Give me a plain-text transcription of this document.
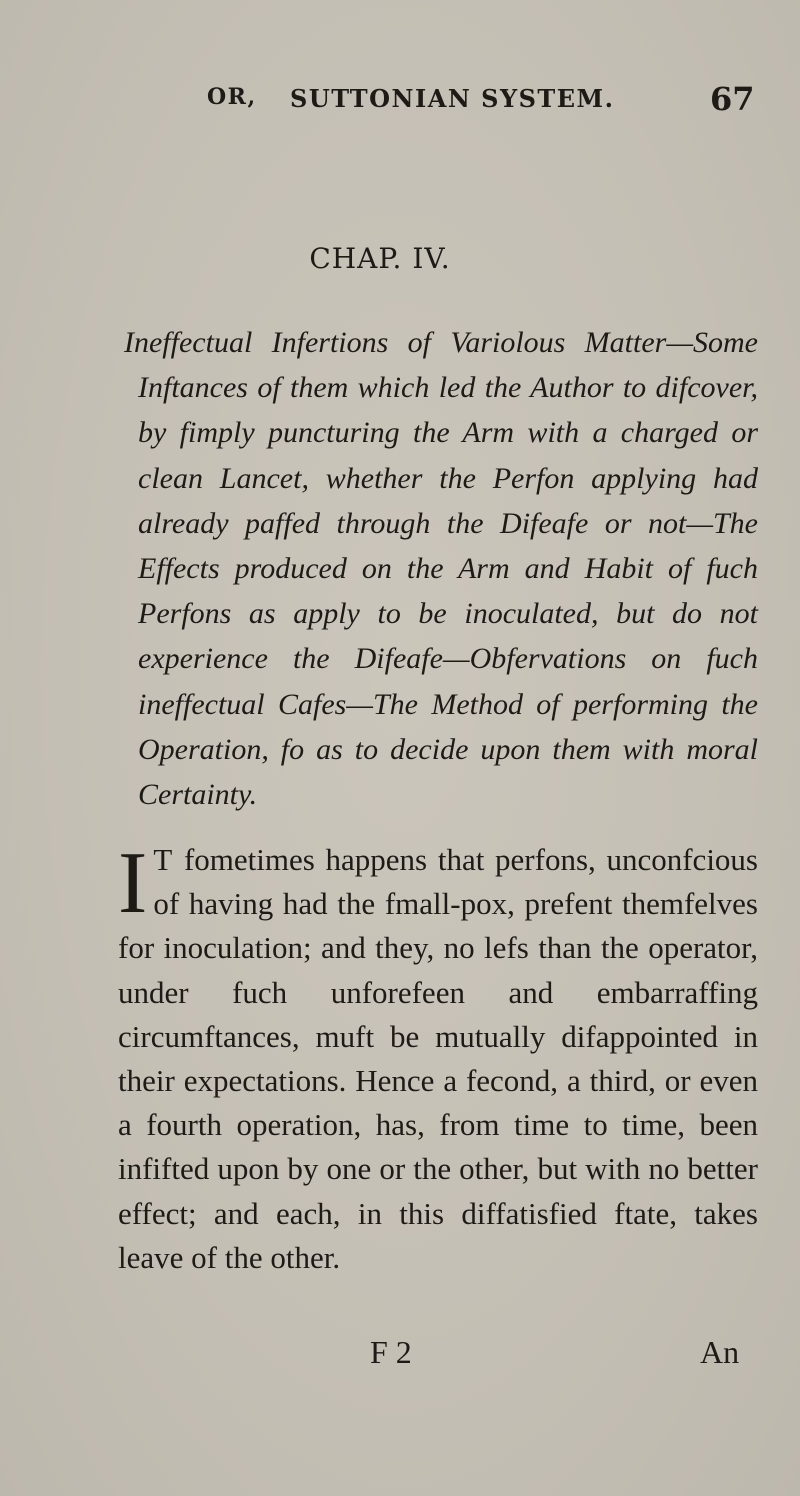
OR, SUTTONIAN SYSTEM.	67
CHAP. IV.

Ineffectual Infertions of Variolous Matter—Some Inftances of them which led the Author to difcover, by fimply puncturing the Arm with a charged or clean Lancet, whether the Perfon applying had already paffed through the Difeafe or not—The Effects produced on the Arm and Habit of fuch Perfons as apply to be inoculated, but do not experience the Difeafe—Obfervations on fuch ineffectual Cafes—The Method of performing the Operation, fo as to decide upon them with moral Certainty.

I T fometimes happens that perfons, unconfcious of having had the fmall-pox, prefent themfelves for inoculation; and they, no lefs than the operator, under fuch unforefeen and embarraffing circumftances, muft be mutually difappointed in their expectations. Hence a fecond, a third, or even a fourth operation, has, from time to time, been infifted upon by one or the other, but with no better effect; and each, in this diffatisfied ftate, takes leave of the other.

F 2	An
